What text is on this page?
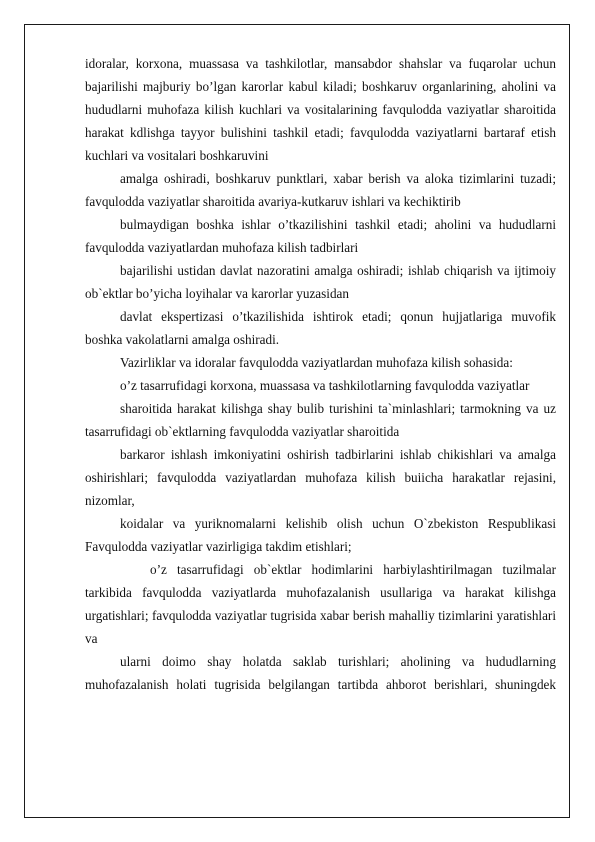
idoralar, korxona, muassasa va tashkilotlar, mansabdor shahslar va fuqarolar uchun bajarilishi majburiy bo’lgan karorlar kabul kiladi; boshkaruv organlarining, aholini va hududlarni muhofaza kilish kuchlari va vositalarining favqulodda vaziyatlar sharoitida harakat kdlishga tayyor bulishini tashkil etadi; favqulodda vaziyatlarni bartaraf etish kuchlari va vositalari boshkaruvini

amalga oshiradi, boshkaruv punktlari, xabar berish va aloka tizimlarini tuzadi; favqulodda vaziyatlar sharoitida avariya-kutkaruv ishlari va kechiktirib

bulmaydigan boshka ishlar o’tkazilishini tashkil etadi; aholini va hududlarni favqulodda vaziyatlardan muhofaza kilish tadbirlari

bajarilishi ustidan davlat nazoratini amalga oshiradi; ishlab chiqarish va ijtimoiy ob`ektlar bo’yicha loyihalar va karorlar yuzasidan

davlat ekspertizasi o’tkazilishida ishtirok etadi; qonun hujjatlariga muvofik boshka vakolatlarni amalga oshiradi.

Vazirliklar va idoralar favqulodda vaziyatlardan muhofaza kilish sohasida:

o’z tasarrufidagi korxona, muassasa va tashkilotlarning favqulodda vaziyatlar

sharoitida harakat kilishga shay bulib turishini ta`minlashlari; tarmokning va uz tasarrufidagi ob`ektlarning favqulodda vaziyatlar sharoitida

barkaror ishlash imkoniyatini oshirish tadbirlarini ishlab chikishlari va amalga oshirishlari; favqulodda vaziyatlardan muhofaza kilish buiicha harakatlar rejasini, nizomlar,

koidalar va yuriknomalarni kelishib olish uchun O`zbekiston Respublikasi Favqulodda vaziyatlar vazirligiga takdim etishlari;

o’z tasarrufidagi ob`ektlar hodimlarini harbiylashtirilmagan tuzilmalar tarkibida favqulodda vaziyatlarda muhofazalanish usullariga va harakat kilishga urgatishlari; favqulodda vaziyatlar tugrisida xabar berish mahalliy tizimlarini yaratishlari va

ularni doimo shay holatda saklab turishlari; aholining va hududlarning muhofazalanish holati tugrisida belgilangan tartibda ahborot berishlari, shuningdek
